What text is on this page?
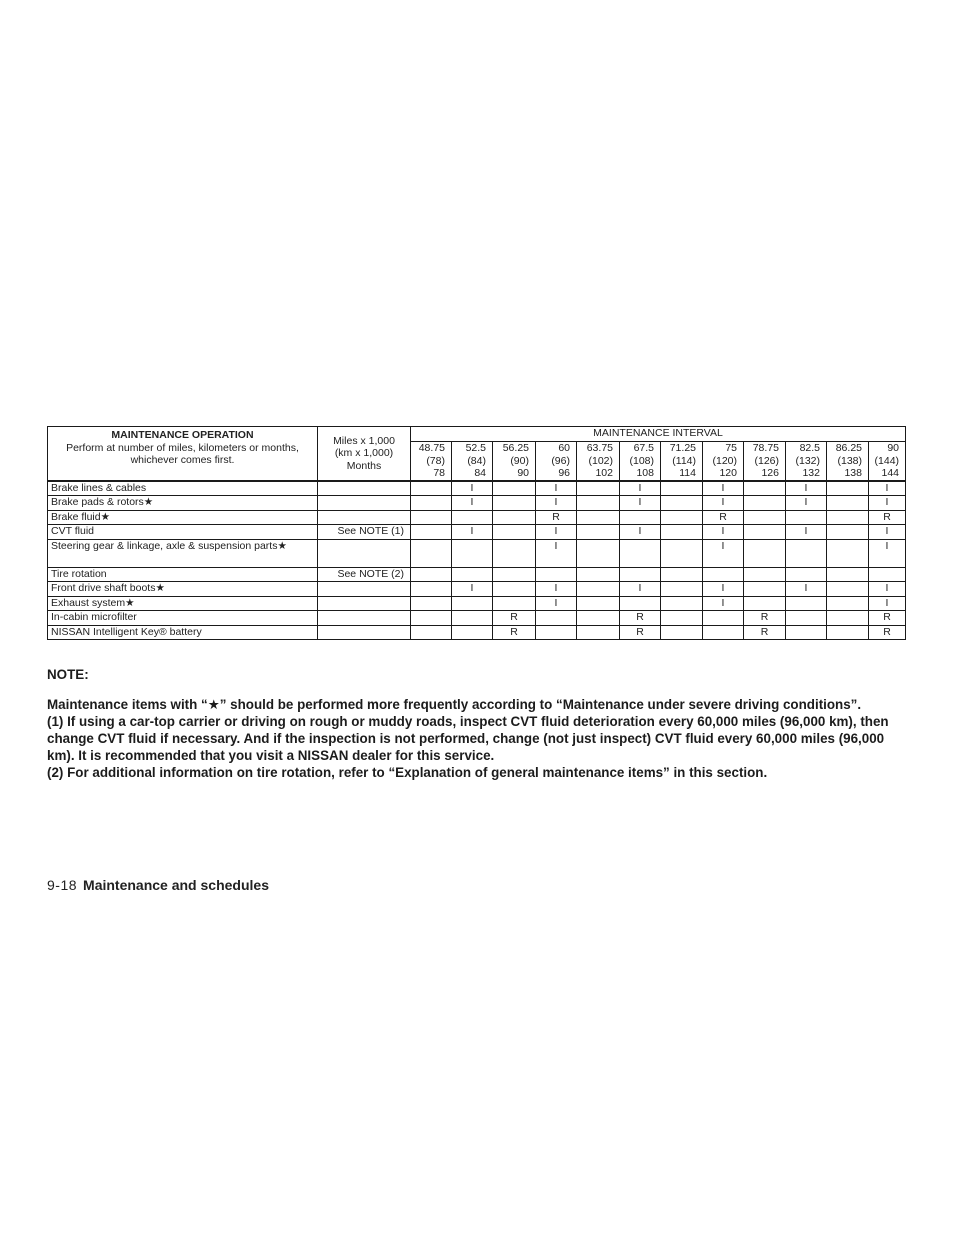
MAINTENANCE OPERATION
Perform at number of miles, kilometers or months, whichever comes first.	Miles x 1,000
(km x 1,000)
Months	MAINTENANCE INTERVAL											

		48.75
(78)
78	52.5
(84)
84	56.25
(90)
90	60
(96)
96	63.75
(102)
102	67.5
(108)
108	71.25
(114)
114	75
(120)
120	78.75
(126)
126	82.5
(132)
132	86.25
(138)
138	90
(144)
144

Brake lines & cables			I		I		I		I		I		I
Brake pads & rotors★			I		I		I		I		I		I
Brake fluid★					R				R				R
CVT fluid	See NOTE (1)		I		I		I		I		I		I
Steering gear & linkage, axle & suspension parts★					I				I				I
Tire rotation	See NOTE (2)												
Front drive shaft boots★			I		I		I		I		I		I
Exhaust system★					I				I				I
In-cabin microfilter				R			R			R			R
NISSAN Intelligent Key® battery				R			R			R			R
NOTE:
Maintenance items with “★” should be performed more frequently according to “Maintenance under severe driving conditions”.
(1) If using a car-top carrier or driving on rough or muddy roads, inspect CVT fluid deterioration every 60,000 miles (96,000 km), then change CVT fluid if necessary. And if the inspection is not performed, change (not just inspect) CVT fluid every 60,000 miles (96,000 km). It is recommended that you visit a NISSAN dealer for this service.
(2) For additional information on tire rotation, refer to “Explanation of general maintenance items” in this section.
9-18 Maintenance and schedules
